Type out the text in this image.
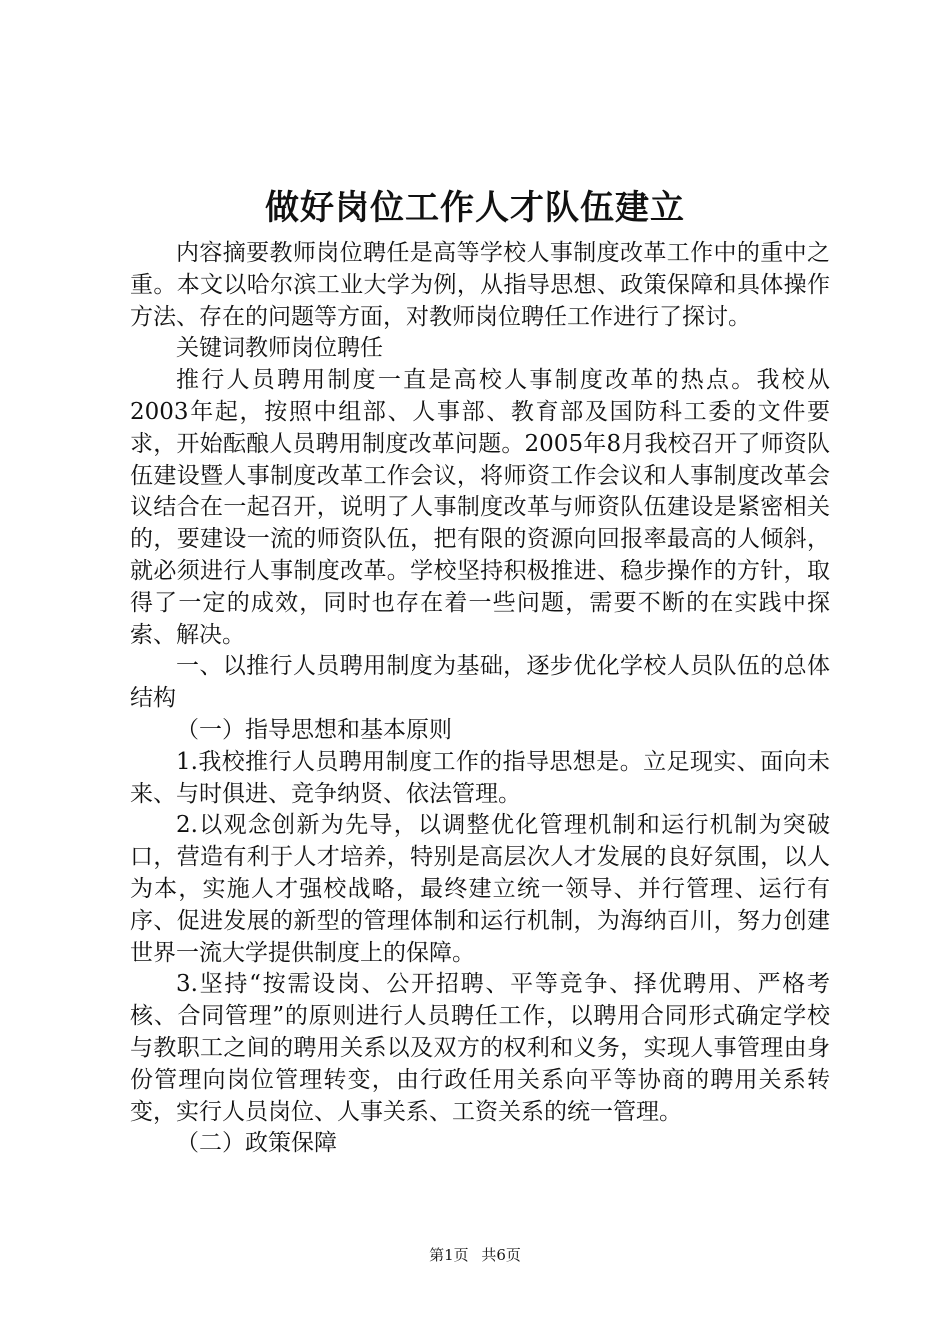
做好岗位工作人才队伍建立

内容摘要教师岗位聘任是高等学校人事制度改革工作中的重中之重。本文以哈尔滨工业大学为例，从指导思想、政策保障和具体操作方法、存在的问题等方面，对教师岗位聘任工作进行了探讨。

关键词教师岗位聘任

推行人员聘用制度一直是高校人事制度改革的热点。我校从2003年起，按照中组部、人事部、教育部及国防科工委的文件要求，开始酝酿人员聘用制度改革问题。2005年8月我校召开了师资队伍建设暨人事制度改革工作会议，将师资工作会议和人事制度改革会议结合在一起召开，说明了人事制度改革与师资队伍建设是紧密相关的，要建设一流的师资队伍，把有限的资源向回报率最高的人倾斜，就必须进行人事制度改革。学校坚持积极推进、稳步操作的方针，取得了一定的成效，同时也存在着一些问题，需要不断的在实践中探索、解决。

一、以推行人员聘用制度为基础，逐步优化学校人员队伍的总体结构

（一）指导思想和基本原则

1.我校推行人员聘用制度工作的指导思想是。立足现实、面向未来、与时俱进、竞争纳贤、依法管理。

2.以观念创新为先导，以调整优化管理机制和运行机制为突破口，营造有利于人才培养，特别是高层次人才发展的良好氛围，以人为本，实施人才强校战略，最终建立统一领导、并行管理、运行有序、促进发展的新型的管理体制和运行机制，为海纳百川，努力创建世界一流大学提供制度上的保障。

3.坚持“按需设岗、公开招聘、平等竞争、择优聘用、严格考核、合同管理”的原则进行人员聘任工作，以聘用合同形式确定学校与教职工之间的聘用关系以及双方的权利和义务，实现人事管理由身份管理向岗位管理转变，由行政任用关系向平等协商的聘用关系转变，实行人员岗位、人事关系、工资关系的统一管理。

（二）政策保障

第1页 共6页
